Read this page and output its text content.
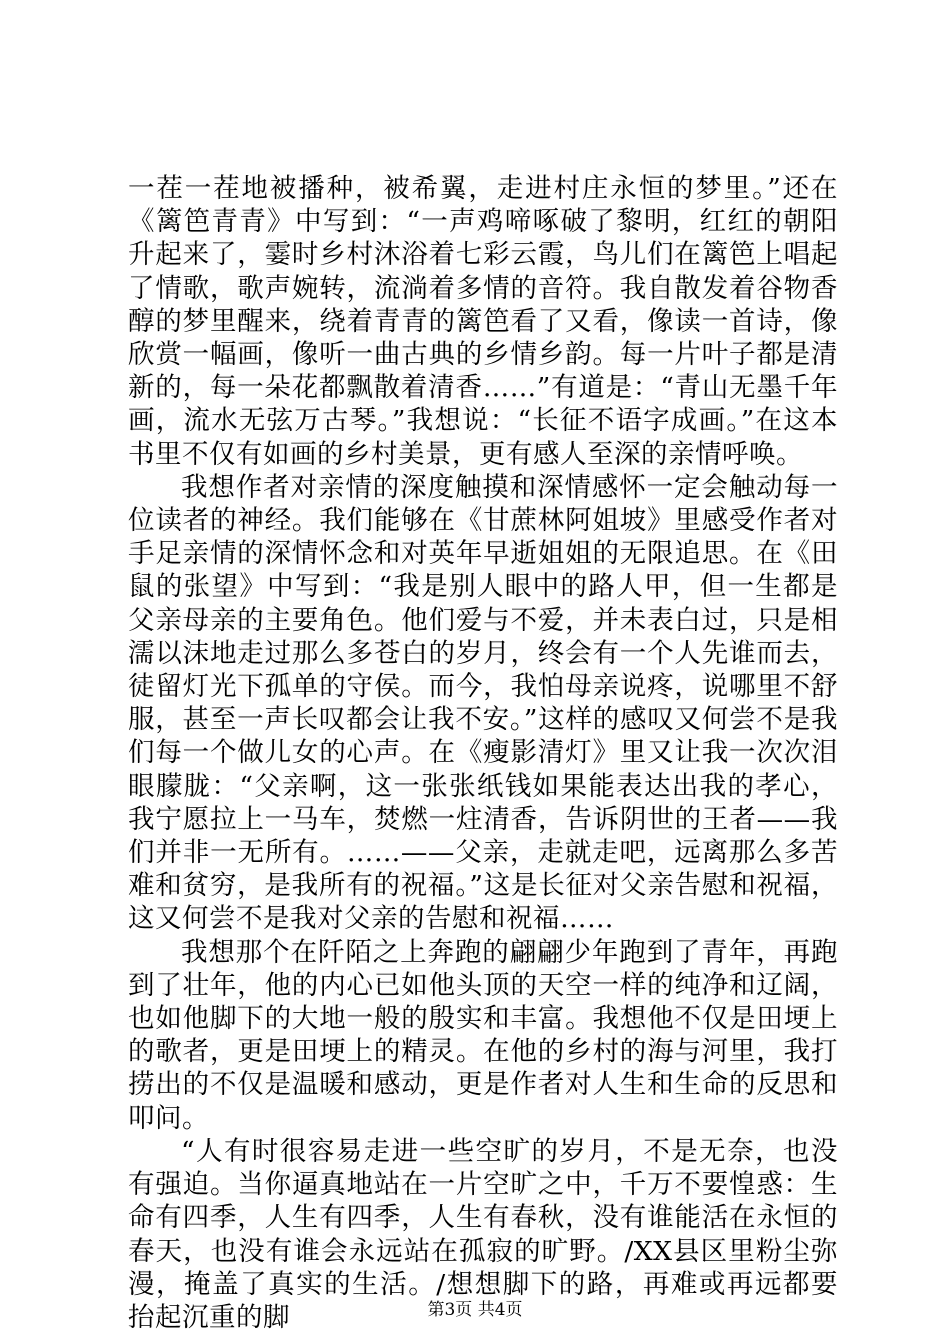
一茬一茬地被播种，被希翼，走进村庄永恒的梦里。”还在《篱笆青青》中写到：“一声鸡啼啄破了黎明，红红的朝阳升起来了，霎时乡村沐浴着七彩云霞，鸟儿们在篱笆上唱起了情歌，歌声婉转，流淌着多情的音符。我自散发着谷物香醇的梦里醒来，绕着青青的篱笆看了又看，像读一首诗，像欣赏一幅画，像听一曲古典的乡情乡韵。每一片叶子都是清新的，每一朵花都飘散着清香……”有道是：“青山无墨千年画，流水无弦万古琴。”我想说：“长征不语字成画。”在这本书里不仅有如画的乡村美景，更有感人至深的亲情呼唤。

我想作者对亲情的深度触摸和深情感怀一定会触动每一位读者的神经。我们能够在《甘蔗林阿姐坡》里感受作者对手足亲情的深情怀念和对英年早逝姐姐的无限追思。在《田鼠的张望》中写到：“我是别人眼中的路人甲，但一生都是父亲母亲的主要角色。他们爱与不爱，并未表白过，只是相濡以沫地走过那么多苍白的岁月，终会有一个人先谁而去，徒留灯光下孤单的守侯。而今，我怕母亲说疼，说哪里不舒服，甚至一声长叹都会让我不安。”这样的感叹又何尝不是我们每一个做儿女的心声。在《瘦影清灯》里又让我一次次泪眼朦胧：“父亲啊，这一张张纸钱如果能表达出我的孝心，我宁愿拉上一马车，焚燃一炷清香，告诉阴世的王者——我们并非一无所有。……——父亲，走就走吧，远离那么多苦难和贫穷，是我所有的祝福。”这是长征对父亲告慰和祝福，这又何尝不是我对父亲的告慰和祝福……

我想那个在阡陌之上奔跑的翩翩少年跑到了青年，再跑到了壮年，他的内心已如他头顶的天空一样的纯净和辽阔，也如他脚下的大地一般的殷实和丰富。我想他不仅是田埂上的歌者，更是田埂上的精灵。在他的乡村的海与河里，我打捞出的不仅是温暖和感动，更是作者对人生和生命的反思和叩问。

“人有时很容易走进一些空旷的岁月，不是无奈，也没有强迫。当你逼真地站在一片空旷之中，千万不要惶惑：生命有四季，人生有四季，人生有春秋，没有谁能活在永恒的春天，也没有谁会永远站在孤寂的旷野。/XX县区里粉尘弥漫，掩盖了真实的生活。/想想脚下的路，再难或再远都要抬起沉重的脚	第3页 共4页
